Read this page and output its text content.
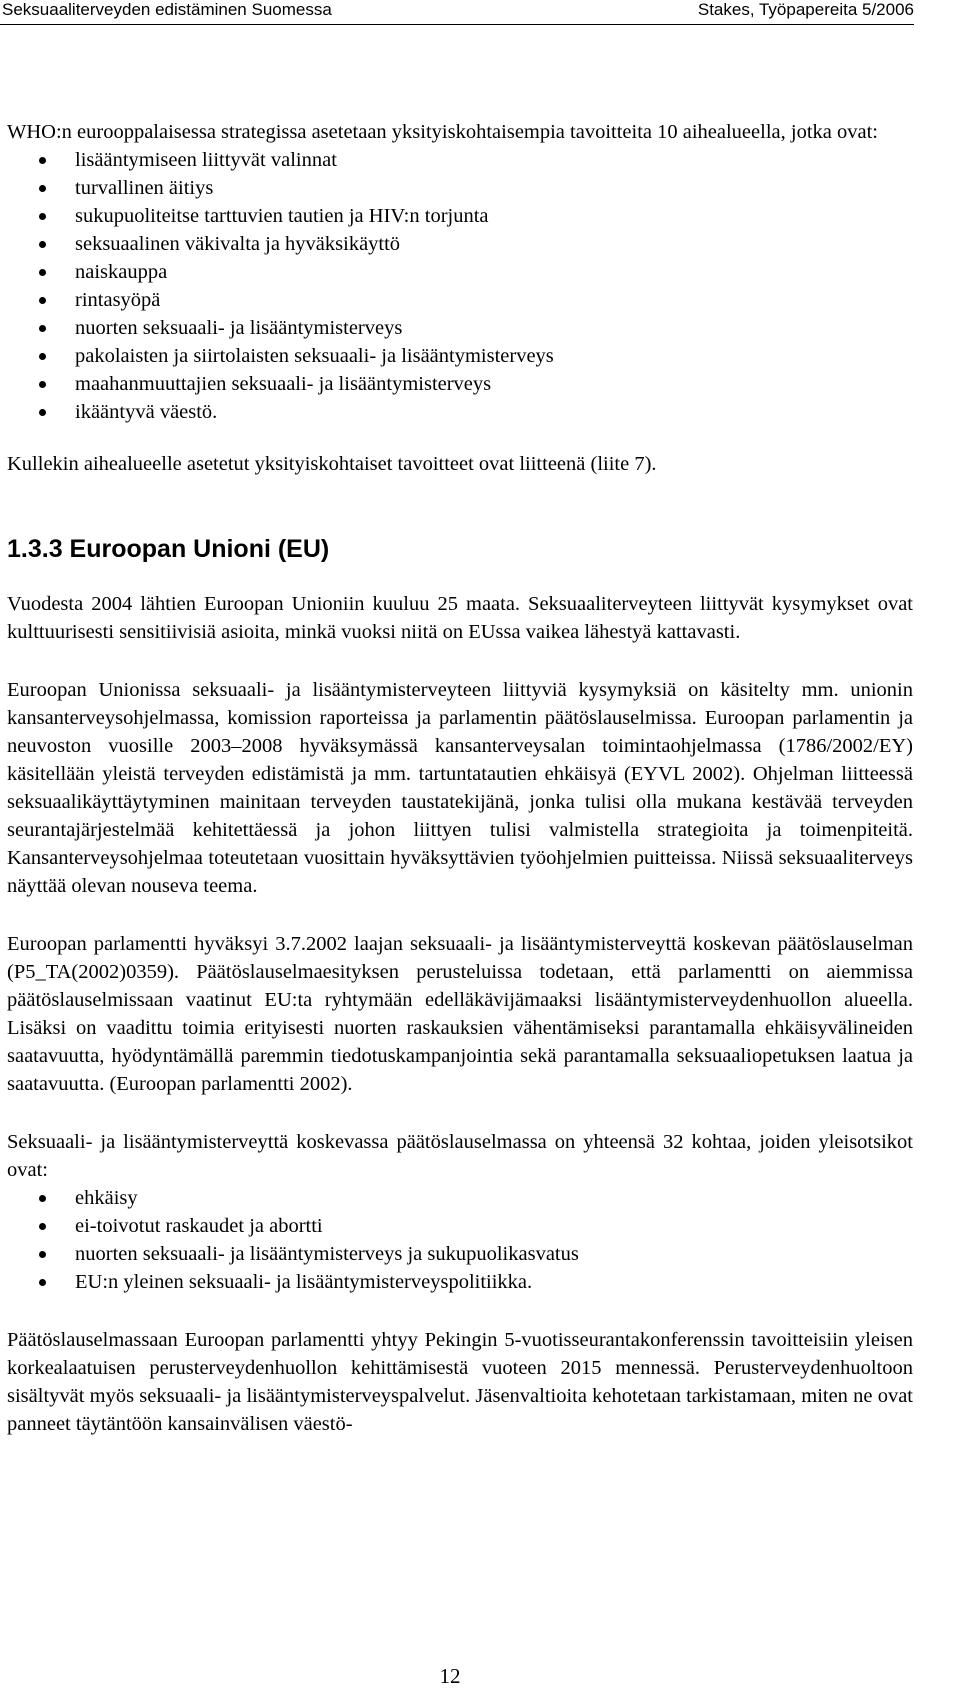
Seksuaaliterveyden edistäminen Suomessa	Stakes, Työpapereita 5/2006

WHO:n eurooppalaisessa strategissa asetetaan yksityiskohtaisempia tavoitteita 10 aihealueella, jotka ovat:

lisääntymiseen liittyvät valinnat
turvallinen äitiys
sukupuoliteitse tarttuvien tautien ja HIV:n torjunta
seksuaalinen väkivalta ja hyväksikäyttö
naiskauppa
rintasyöpä
nuorten seksuaali- ja lisääntymisterveys
pakolaisten ja siirtolaisten seksuaali- ja lisääntymisterveys
maahanmuuttajien seksuaali- ja lisääntymisterveys
ikääntyvä väestö.

Kullekin aihealueelle asetetut yksityiskohtaiset tavoitteet ovat liitteenä (liite 7).

1.3.3 Euroopan Unioni (EU)

Vuodesta 2004 lähtien Euroopan Unioniin kuuluu 25 maata. Seksuaaliterveyteen liittyvät kysymykset ovat kulttuurisesti sensitiivisiä asioita, minkä vuoksi niitä on EUssa vaikea lähestyä kattavasti.

Euroopan Unionissa seksuaali- ja lisääntymisterveyteen liittyviä kysymyksiä on käsitelty mm. unionin kansanterveysohjelmassa, komission raporteissa ja parlamentin päätöslauselmissa. Euroopan parlamentin ja neuvoston vuosille 2003–2008 hyväksymässä kansanterveysalan toimintaohjelmassa (1786/2002/EY) käsitellään yleistä terveyden edistämistä ja mm. tartuntatautien ehkäisyä (EYVL 2002). Ohjelman liitteessä seksuaalikäyttäytyminen mainitaan terveyden taustatekijänä, jonka tulisi olla mukana kestävää terveyden seurantajärjestelmää kehitettäessä ja johon liittyen tulisi valmistella strategioita ja toimenpiteitä. Kansanterveysohjelmaa toteutetaan vuosittain hyväksyttävien työohjelmien puitteissa. Niissä seksuaaliterveys näyttää olevan nouseva teema.

Euroopan parlamentti hyväksyi 3.7.2002 laajan seksuaali- ja lisääntymisterveyttä koskevan päätöslauselman (P5_TA(2002)0359). Päätöslauselmaesityksen perusteluissa todetaan, että parlamentti on aiemmissa päätöslauselmissaan vaatinut EU:ta ryhtymään edelläkävijämaaksi lisääntymisterveydenhuollon alueella. Lisäksi on vaadittu toimia erityisesti nuorten raskauksien vähentämiseksi parantamalla ehkäisyvälineiden saatavuutta, hyödyntämällä paremmin tiedotuskampanjointia sekä parantamalla seksuaaliopetuksen laatua ja saatavuutta. (Euroopan parlamentti 2002).

Seksuaali- ja lisääntymisterveyttä koskevassa päätöslauselmassa on yhteensä 32 kohtaa, joiden yleisotsikot ovat:

ehkäisy
ei-toivotut raskaudet ja abortti
nuorten seksuaali- ja lisääntymisterveys ja sukupuolikasvatus
EU:n yleinen seksuaali- ja lisääntymisterveyspolitiikka.

Päätöslauselmassaan Euroopan parlamentti yhtyy Pekingin 5-vuotisseurantakonferenssin tavoitteisiin yleisen korkealaatuisen perusterveydenhuollon kehittämisestä vuoteen 2015 mennessä. Perusterveydenhuoltoon sisältyvät myös seksuaali- ja lisääntymisterveyspalvelut. Jäsenvaltioita kehotetaan tarkistamaan, miten ne ovat panneet täytäntöön kansainvälisen väestö-

12
